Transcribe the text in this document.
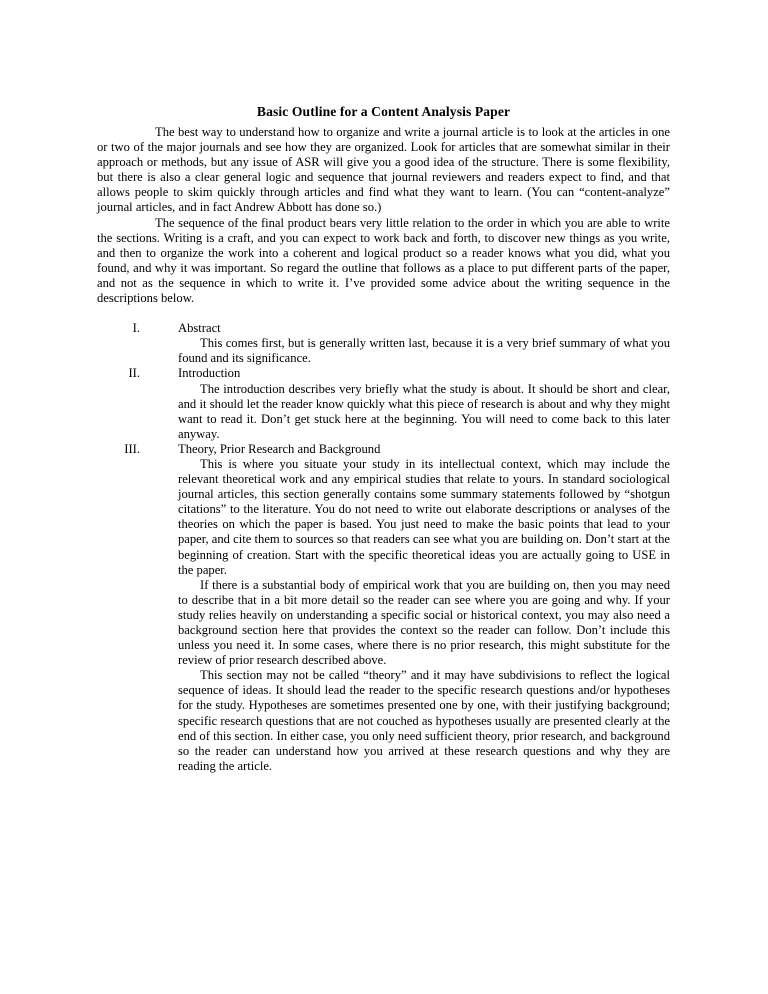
Basic Outline for a Content Analysis Paper

The best way to understand how to organize and write a journal article is to look at the articles in one or two of the major journals and see how they are organized. Look for articles that are somewhat similar in their approach or methods, but any issue of ASR will give you a good idea of the structure. There is some flexibility, but there is also a clear general logic and sequence that journal reviewers and readers expect to find, and that allows people to skim quickly through articles and find what they want to learn. (You can “content-analyze” journal articles, and in fact Andrew Abbott has done so.)

The sequence of the final product bears very little relation to the order in which you are able to write the sections. Writing is a craft, and you can expect to work back and forth, to discover new things as you write, and then to organize the work into a coherent and logical product so a reader knows what you did, what you found, and why it was important. So regard the outline that follows as a place to put different parts of the paper, and not as the sequence in which to write it. I’ve provided some advice about the writing sequence in the descriptions below.

I.	Abstract

This comes first, but is generally written last, because it is a very brief summary of what you found and its significance.

II.	Introduction

The introduction describes very briefly what the study is about. It should be short and clear, and it should let the reader know quickly what this piece of research is about and why they might want to read it. Don’t get stuck here at the beginning. You will need to come back to this later anyway.

III.	Theory, Prior Research and Background

This is where you situate your study in its intellectual context, which may include the relevant theoretical work and any empirical studies that relate to yours. In standard sociological journal articles, this section generally contains some summary statements followed by “shotgun citations” to the literature. You do not need to write out elaborate descriptions or analyses of the theories on which the paper is based. You just need to make the basic points that lead to your paper, and cite them to sources so that readers can see what you are building on. Don’t start at the beginning of creation. Start with the specific theoretical ideas you are actually going to USE in the paper.

If there is a substantial body of empirical work that you are building on, then you may need to describe that in a bit more detail so the reader can see where you are going and why. If your study relies heavily on understanding a specific social or historical context, you may also need a background section here that provides the context so the reader can follow. Don’t include this unless you need it. In some cases, where there is no prior research, this might substitute for the review of prior research described above.

This section may not be called “theory” and it may have subdivisions to reflect the logical sequence of ideas. It should lead the reader to the specific research questions and/or hypotheses for the study. Hypotheses are sometimes presented one by one, with their justifying background; specific research questions that are not couched as hypotheses usually are presented clearly at the end of this section. In either case, you only need sufficient theory, prior research, and background so the reader can understand how you arrived at these research questions and why they are reading the article.
